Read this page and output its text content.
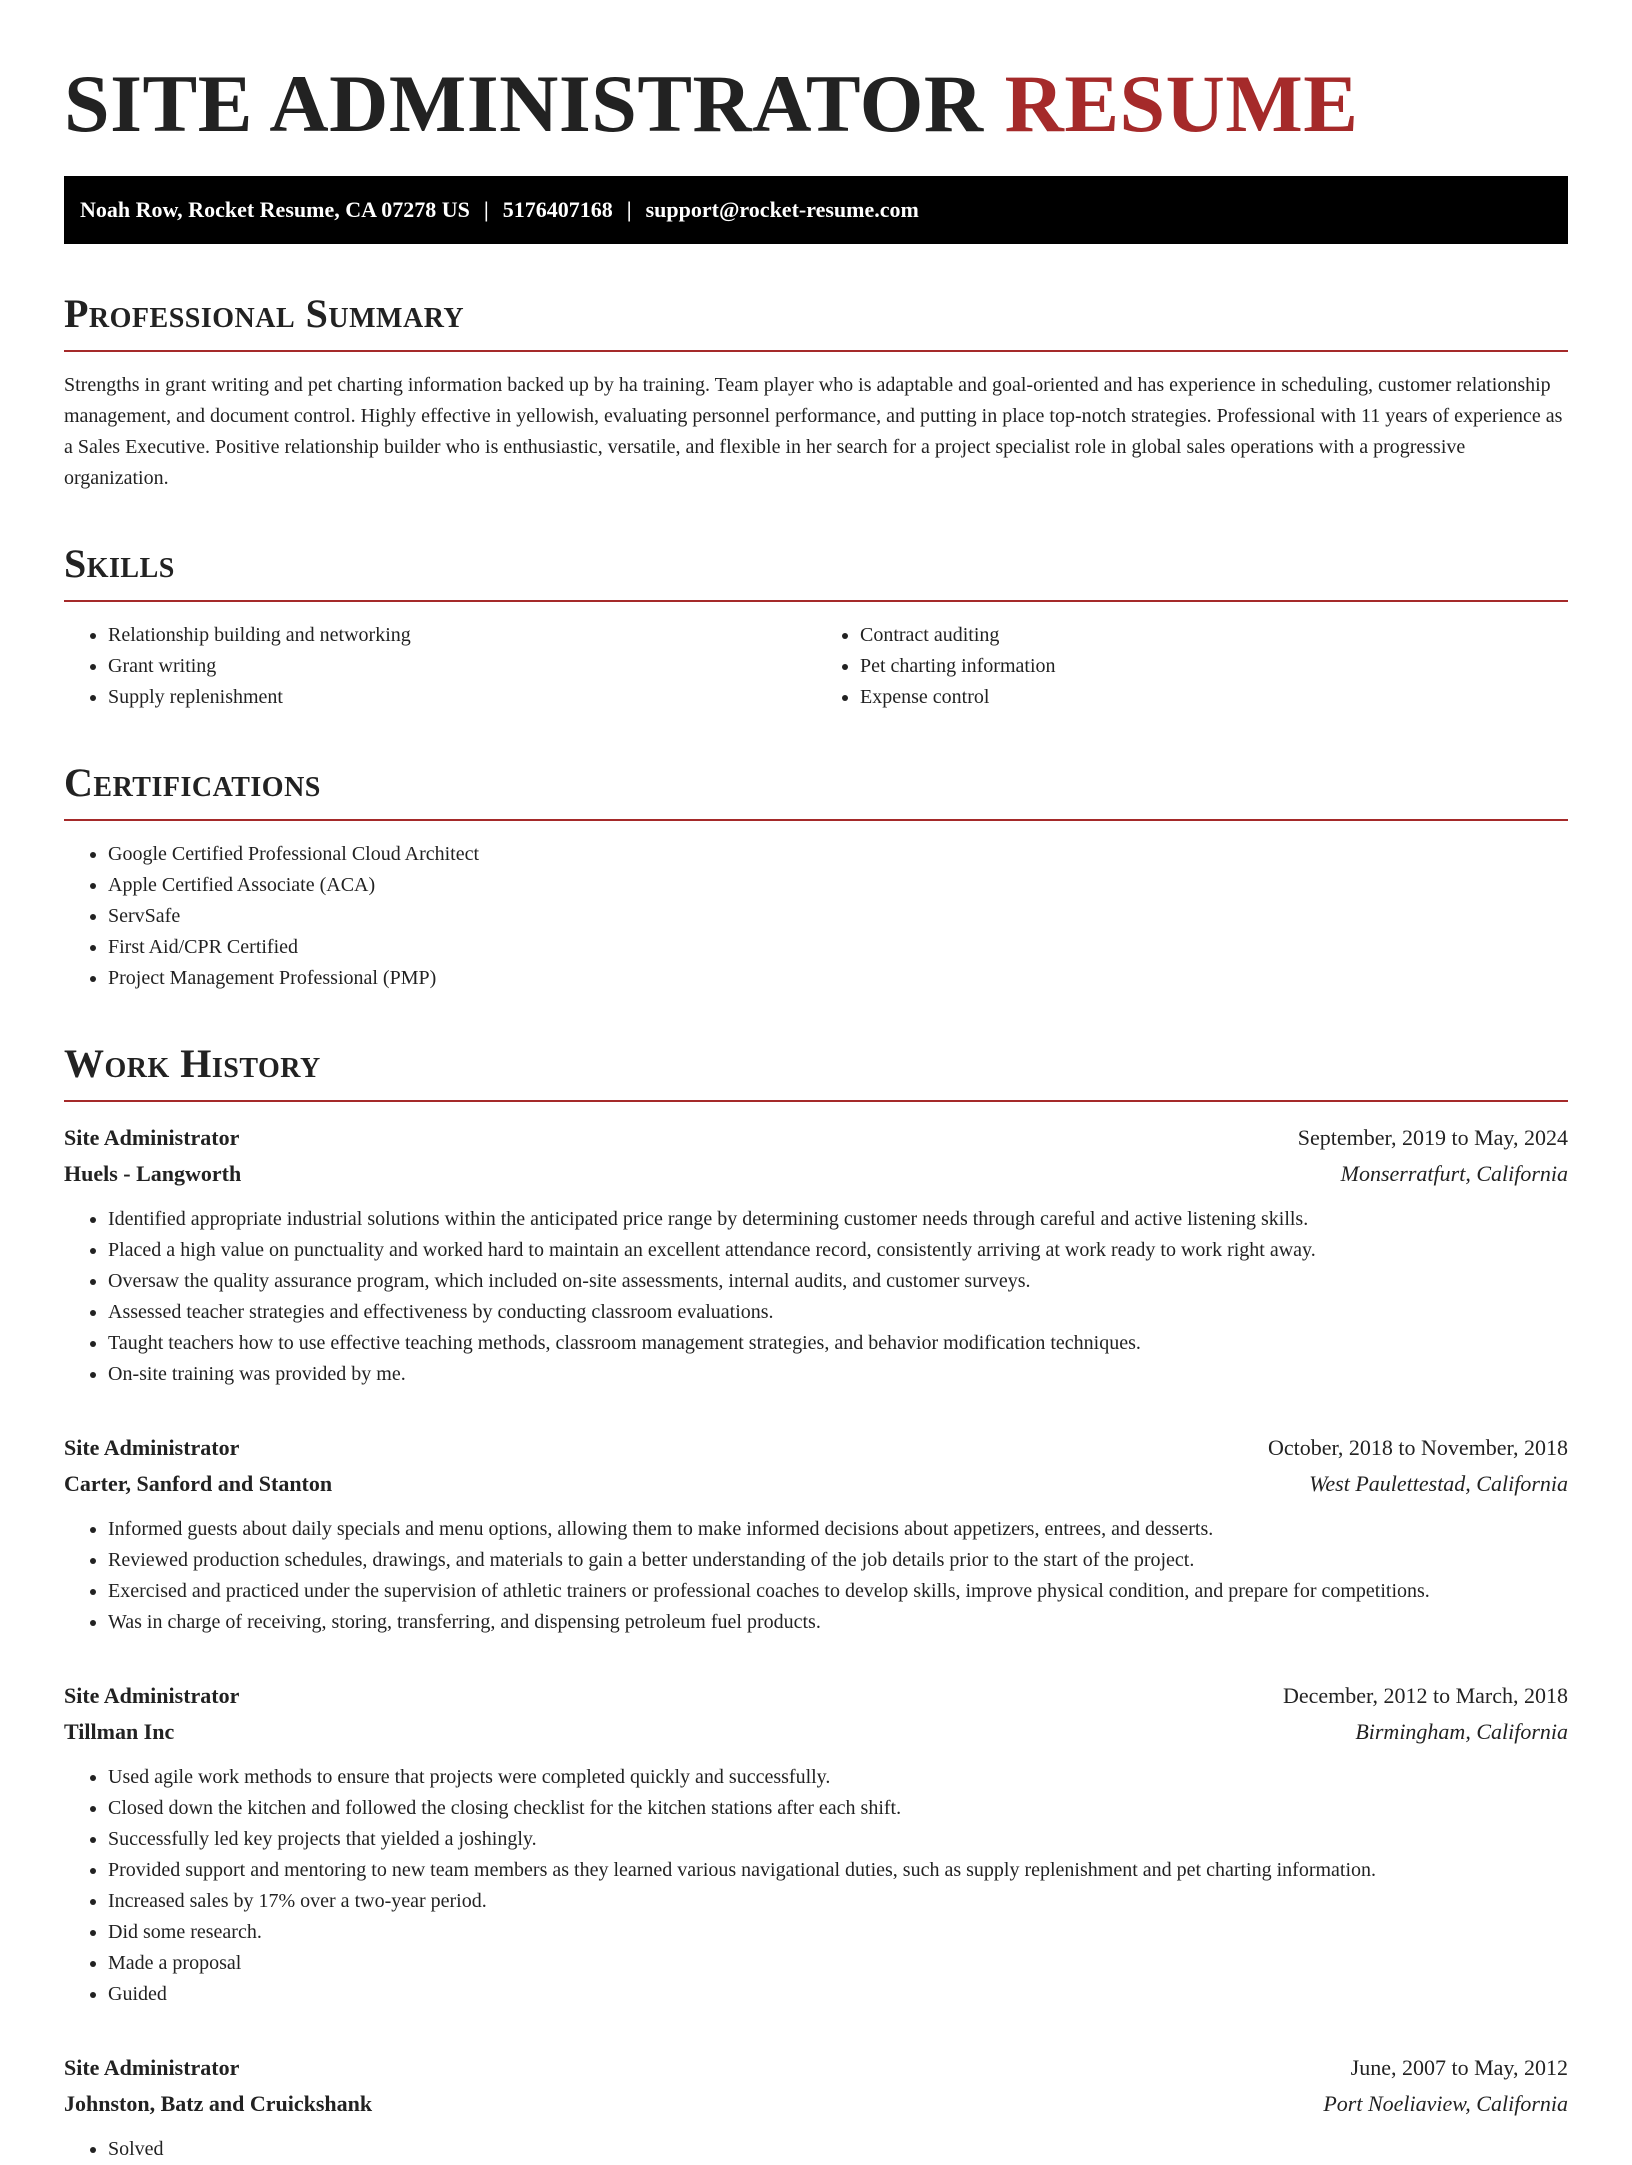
SITE ADMINISTRATOR RESUME
Noah Row, Rocket Resume, CA 07278 US | 5176407168 | support@rocket-resume.com
Professional Summary

Strengths in grant writing and pet charting information backed up by ha training. Team player who is adaptable and goal-oriented and has experience in scheduling, customer relationship management, and document control. Highly effective in yellowish, evaluating personnel performance, and putting in place top-notch strategies. Professional with 11 years of experience as a Sales Executive. Positive relationship builder who is enthusiastic, versatile, and flexible in her search for a project specialist role in global sales operations with a progressive organization.

Skills
• Relationship building and networking
• Grant writing
• Supply replenishment
• Contract auditing
• Pet charting information
• Expense control
Certifications
• Google Certified Professional Cloud Architect
• Apple Certified Associate (ACA)
• ServSafe
• First Aid/CPR Certified
• Project Management Professional (PMP)
Work History
Site Administrator	September, 2019 to May, 2024
Huels - Langworth	Monserratfurt, California
• Identified appropriate industrial solutions within the anticipated price range by determining customer needs through careful and active listening skills.
• Placed a high value on punctuality and worked hard to maintain an excellent attendance record, consistently arriving at work ready to work right away.
• Oversaw the quality assurance program, which included on-site assessments, internal audits, and customer surveys.
• Assessed teacher strategies and effectiveness by conducting classroom evaluations.
• Taught teachers how to use effective teaching methods, classroom management strategies, and behavior modification techniques.
• On-site training was provided by me.
Site Administrator	October, 2018 to November, 2018
Carter, Sanford and Stanton	West Paulettestad, California
• Informed guests about daily specials and menu options, allowing them to make informed decisions about appetizers, entrees, and desserts.
• Reviewed production schedules, drawings, and materials to gain a better understanding of the job details prior to the start of the project.
• Exercised and practiced under the supervision of athletic trainers or professional coaches to develop skills, improve physical condition, and prepare for competitions.
• Was in charge of receiving, storing, transferring, and dispensing petroleum fuel products.
Site Administrator	December, 2012 to March, 2018
Tillman Inc	Birmingham, California
• Used agile work methods to ensure that projects were completed quickly and successfully.
• Closed down the kitchen and followed the closing checklist for the kitchen stations after each shift.
• Successfully led key projects that yielded a joshingly.
• Provided support and mentoring to new team members as they learned various navigational duties, such as supply replenishment and pet charting information.
• Increased sales by 17% over a two-year period.
• Did some research.
• Made a proposal
• Guided
Site Administrator	June, 2007 to May, 2012
Johnston, Batz and Cruickshank	Port Noeliaview, California
• Solved
